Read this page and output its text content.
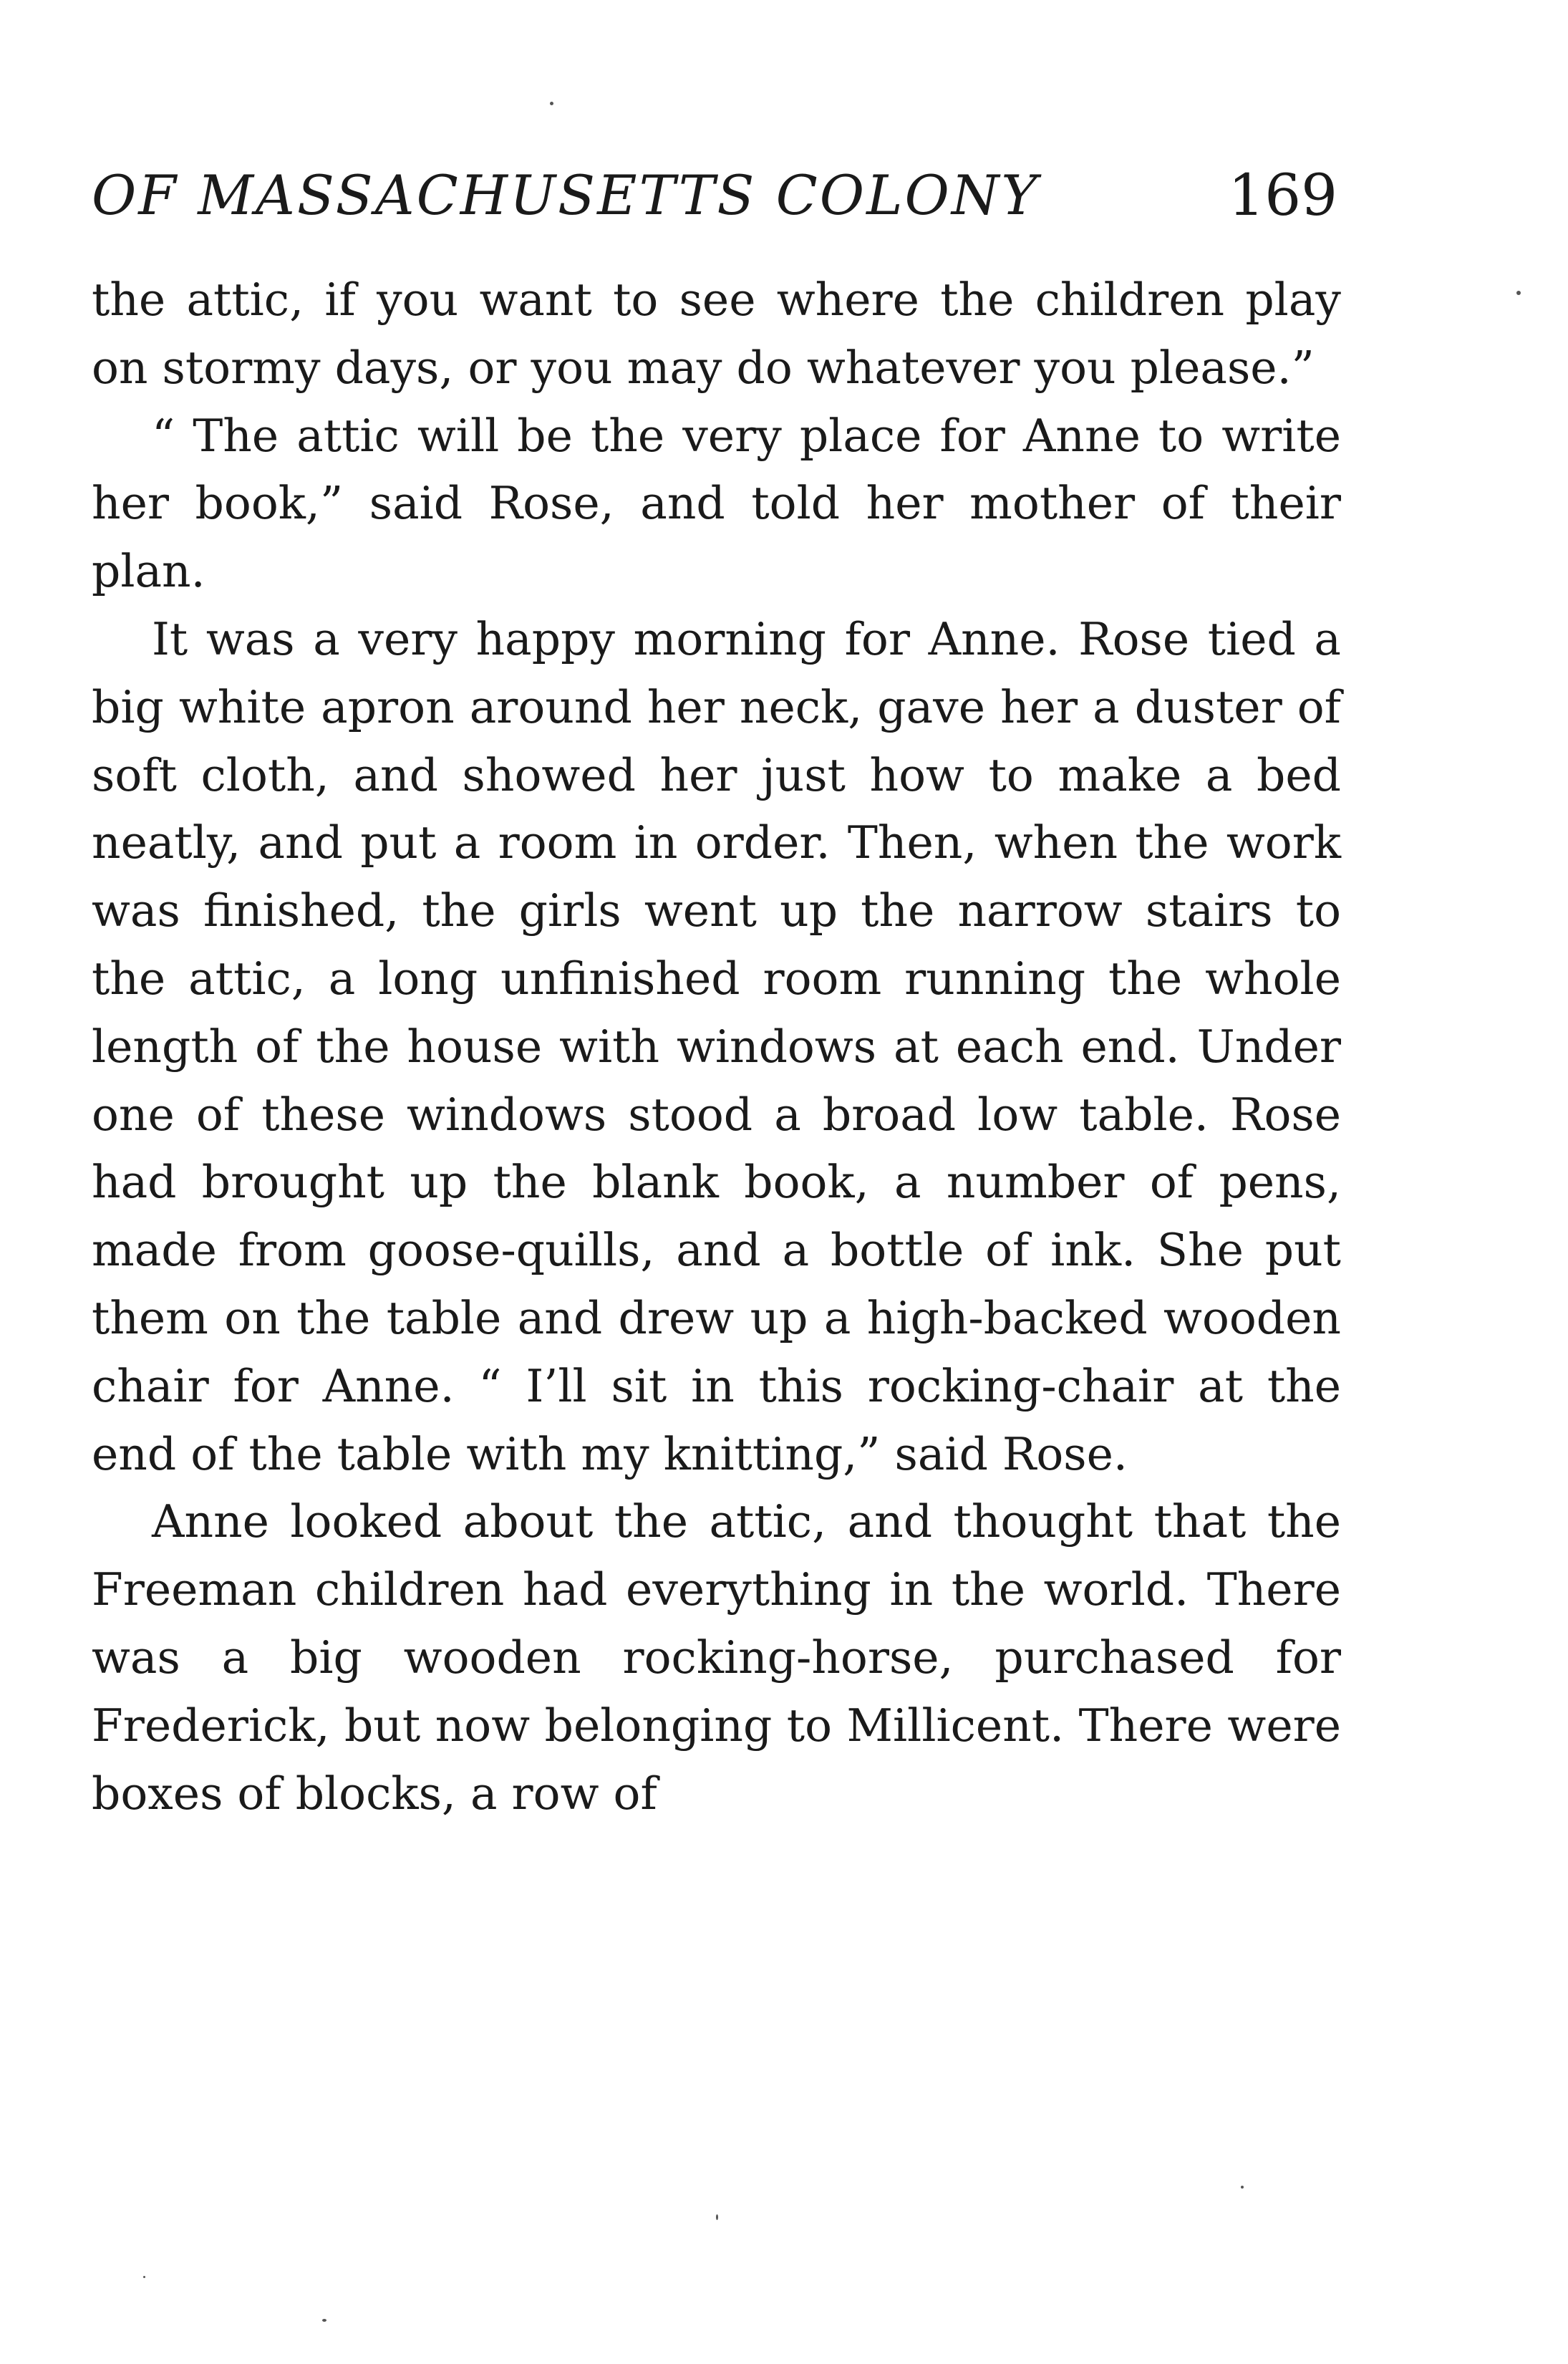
OF MASSACHUSETTS COLONY	169

the attic, if you want to see where the children play on stormy days, or you may do whatever you please.”

“ The attic will be the very place for Anne to write her book,” said Rose, and told her mother of their plan.

It was a very happy morning for Anne. Rose tied a big white apron around her neck, gave her a duster of soft cloth, and showed her just how to make a bed neatly, and put a room in order. Then, when the work was finished, the girls went up the narrow stairs to the attic, a long unfinished room running the whole length of the house with windows at each end. Under one of these windows stood a broad low table. Rose had brought up the blank book, a number of pens, made from goose-quills, and a bottle of ink. She put them on the table and drew up a high-backed wooden chair for Anne. “ I’ll sit in this rocking-chair at the end of the table with my knitting,” said Rose.

Anne looked about the attic, and thought that the Freeman children had everything in the world. There was a big wooden rocking-horse, purchased for Frederick, but now belonging to Millicent. There were boxes of blocks, a row of
